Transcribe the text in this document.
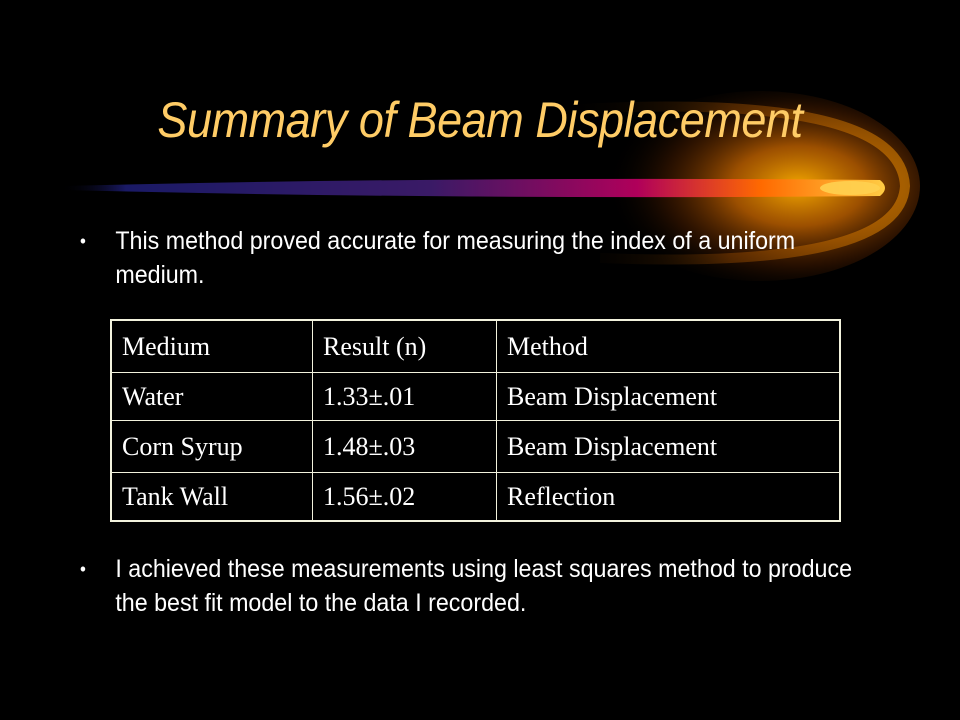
Summary of Beam Displacement
•	This method proved accurate for measuring the index of a uniform medium.
Medium	Result (n)	Method
Water	1.33±.01	Beam Displacement
Corn Syrup	1.48±.03	Beam Displacement
Tank Wall	1.56±.02	Reflection
•	I achieved these measurements using least squares method to produce the best fit model to the data I recorded.
